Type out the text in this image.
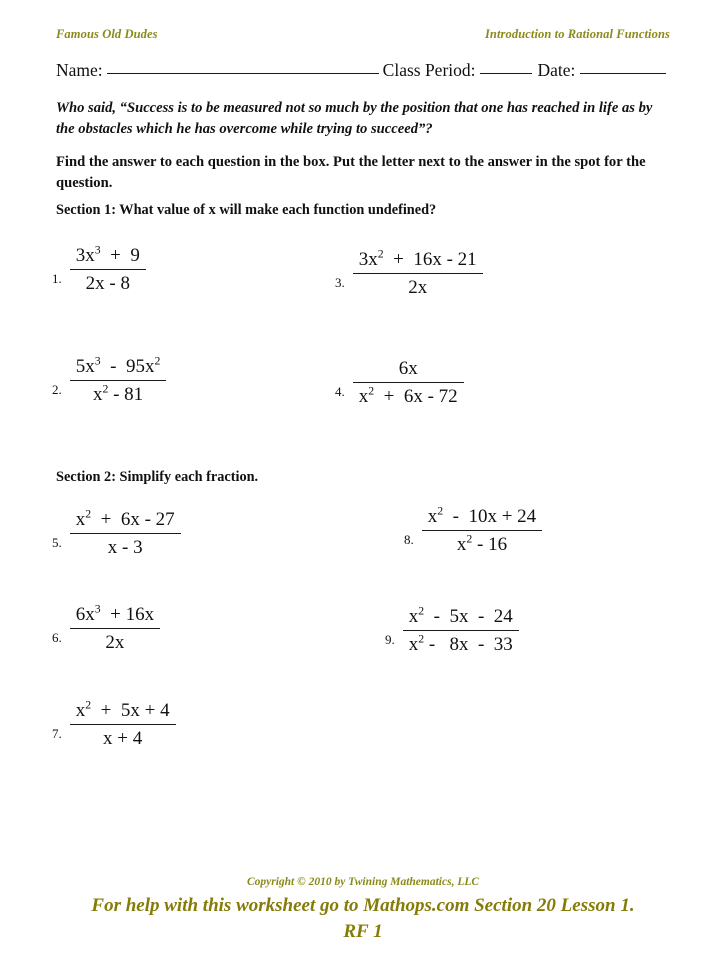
Famous Old Dudes	Introduction to Rational Functions
Name:	Class Period:	Date:
Who said, “Success is to be measured not so much by the position that one has reached in life as by the obstacles which he has overcome while trying to succeed”?
Find the answer to each question in the box. Put the letter next to the answer in the spot for the question.
Section 1: What value of x will make each function undefined?
1. $\frac{3x^3 + 9}{2x - 8}$
2. $\frac{5x^3 - 95x^2}{x^2 - 81}$
3. $\frac{3x^2 + 16x - 21}{2x}$
4. $\frac{6x}{x^2 + 6x - 72}$
Section 2: Simplify each fraction.
5. $\frac{x^2 + 6x - 27}{x - 3}$
6. $\frac{6x^3 + 16x}{2x}$
7. $\frac{x^2 + 5x + 4}{x + 4}$
8. $\frac{x^2 - 10x + 24}{x^2 - 16}$
9. $\frac{x^2 - 5x - 24}{x^2 - 8x - 33}$
Copyright © 2010 by Twining Mathematics, LLC
For help with this worksheet go to Mathops.com Section 20 Lesson 1.
RF 1
